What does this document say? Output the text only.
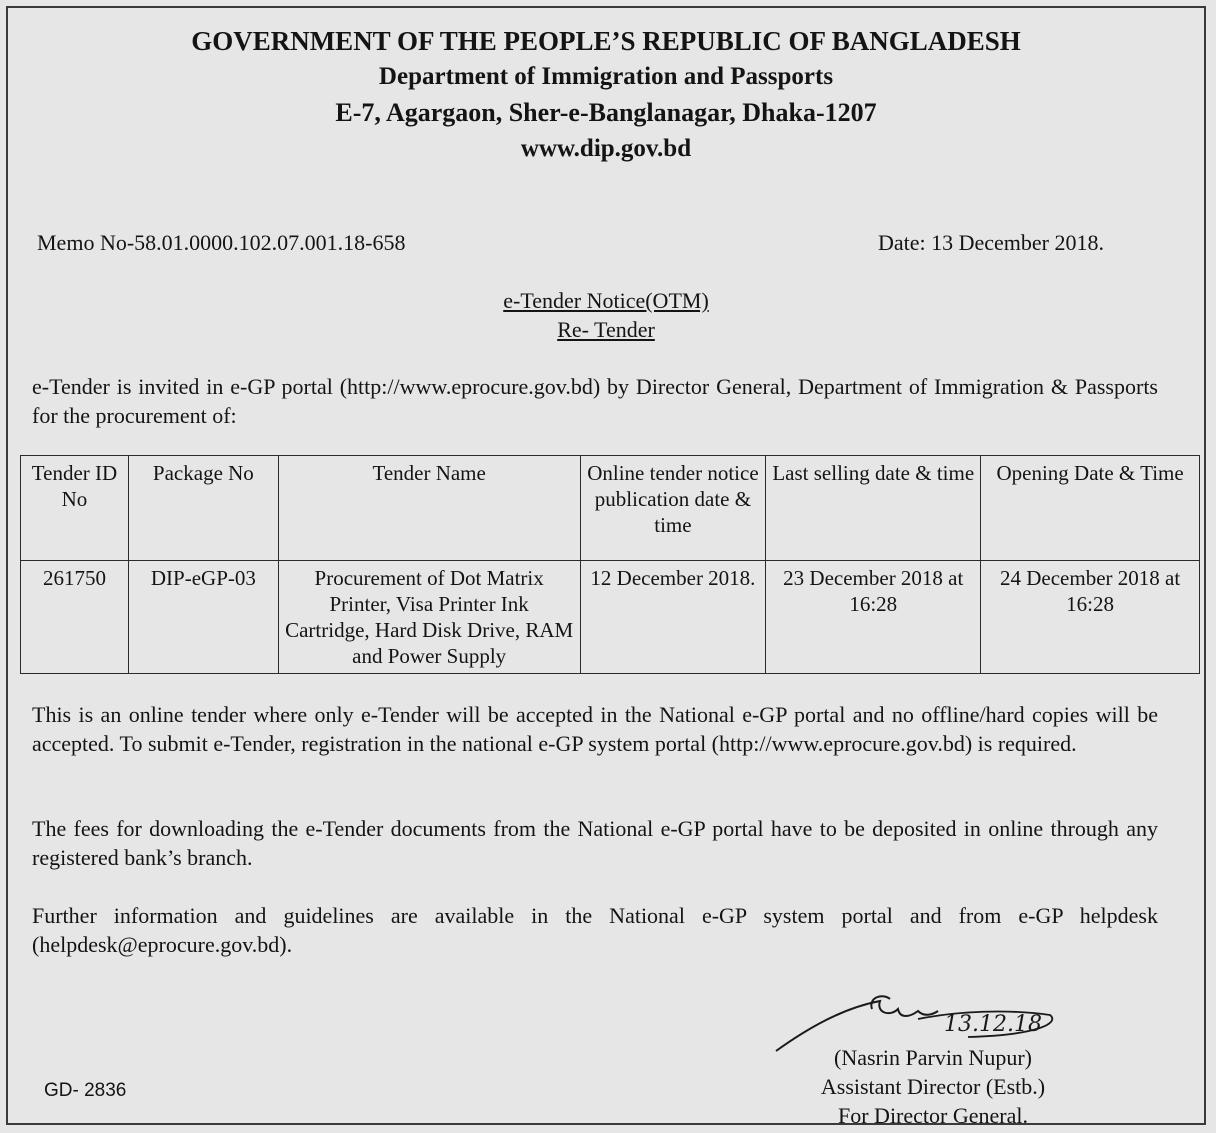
GOVERNMENT OF THE PEOPLE’S REPUBLIC OF BANGLADESH
Department of Immigration and Passports
E-7, Agargaon, Sher-e-Banglanagar, Dhaka-1207
www.dip.gov.bd
Memo No-58.01.0000.102.07.001.18-658	Date: 13 December 2018.
e-Tender Notice(OTM)
Re- Tender
e-Tender is invited in e-GP portal (http://www.eprocure.gov.bd) by Director General, Department of Immigration & Passports for the procurement of:
Tender ID No	Package No	Tender Name	Online tender notice publication date & time	Last selling date & time	Opening Date & Time
261750	DIP-eGP-03	Procurement of Dot Matrix Printer, Visa Printer Ink Cartridge, Hard Disk Drive, RAM and Power Supply	12 December 2018.	23 December 2018 at 16:28	24 December 2018 at 16:28
This is an online tender where only e-Tender will be accepted in the National e-GP portal and no offline/hard copies will be accepted. To submit e-Tender, registration in the national e-GP system portal (http://www.eprocure.gov.bd) is required.
The fees for downloading the e-Tender documents from the National e-GP portal have to be deposited in online through any registered bank’s branch.
Further information and guidelines are available in the National e-GP system portal and from e-GP helpdesk (helpdesk@eprocure.gov.bd).
GD- 2836
13.12.18
(Nasrin Parvin Nupur)
Assistant Director (Estb.)
For Director General.
